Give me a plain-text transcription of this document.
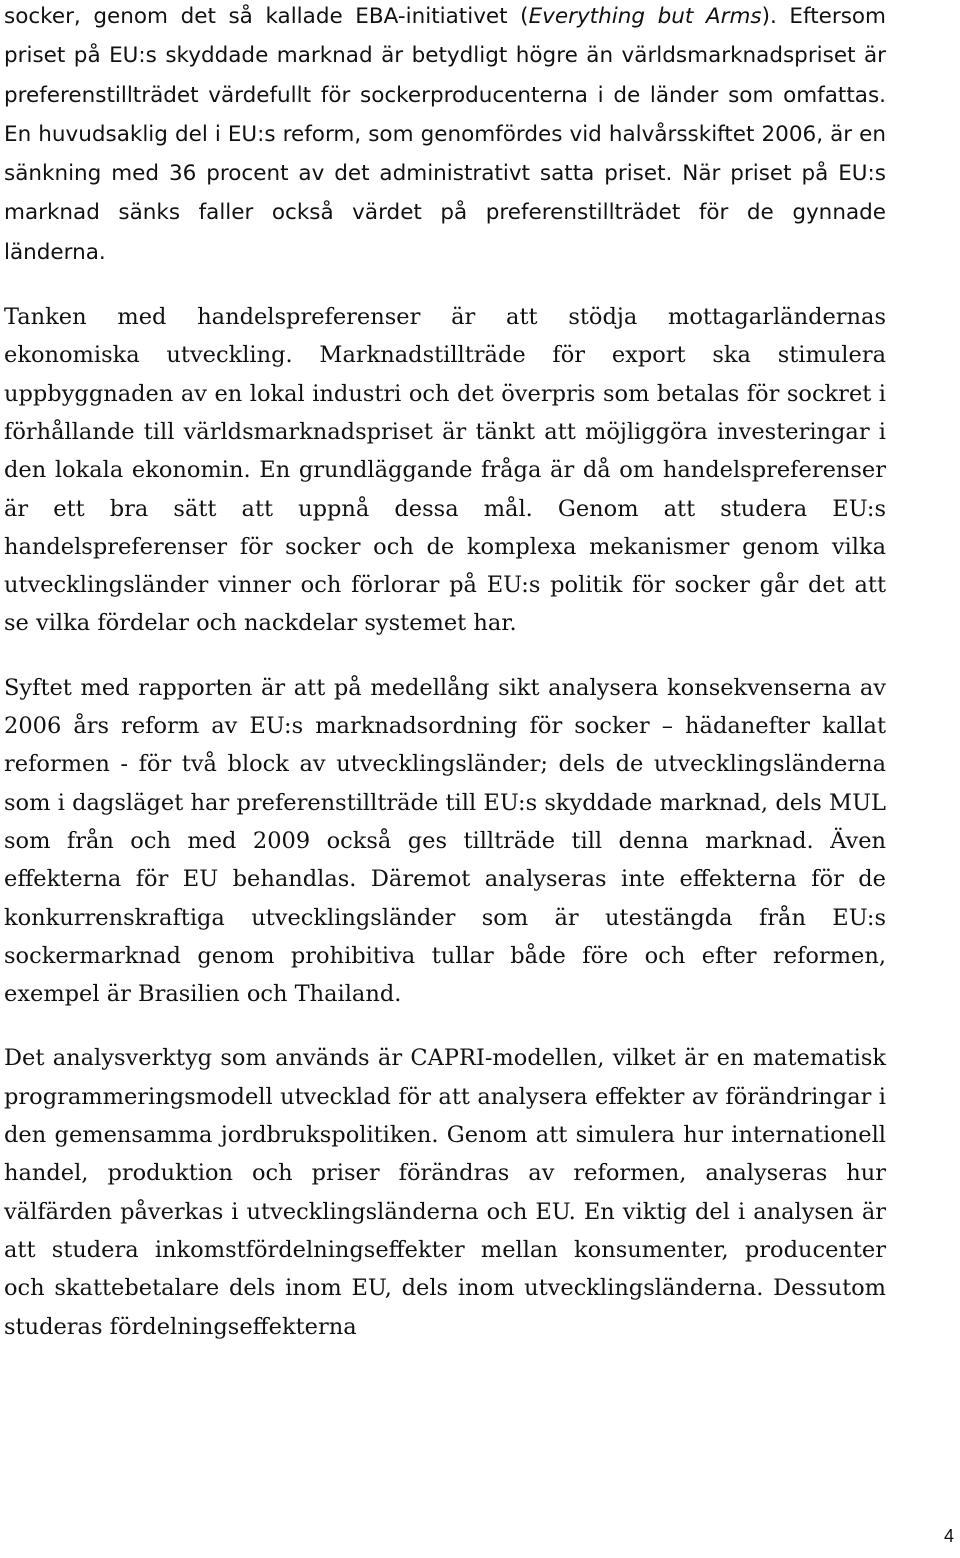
socker, genom det så kallade EBA-initiativet (Everything but Arms). Eftersom priset på EU:s skyddade marknad är betydligt högre än världsmarknadspriset är preferenstillträdet värdefullt för sockerproducenterna i de länder som omfattas. En huvudsaklig del i EU:s reform, som genomfördes vid halvårsskiftet 2006, är en sänkning med 36 procent av det administrativt satta priset. När priset på EU:s marknad sänks faller också värdet på preferenstillträdet för de gynnade länderna.

Tanken med handelspreferenser är att stödja mottagarländernas ekonomiska utveckling. Marknadstillträde för export ska stimulera uppbyggnaden av en lokal industri och det överpris som betalas för sockret i förhållande till världsmarknadspriset är tänkt att möjliggöra investeringar i den lokala ekonomin. En grundläggande fråga är då om handelspreferenser är ett bra sätt att uppnå dessa mål. Genom att studera EU:s handelspreferenser för socker och de komplexa mekanismer genom vilka utvecklingsländer vinner och förlorar på EU:s politik för socker går det att se vilka fördelar och nackdelar systemet har.

Syftet med rapporten är att på medellång sikt analysera konsekvenserna av 2006 års reform av EU:s marknadsordning för socker – hädanefter kallat reformen - för två block av utvecklingsländer; dels de utvecklingsländerna som i dagsläget har preferenstillträde till EU:s skyddade marknad, dels MUL som från och med 2009 också ges tillträde till denna marknad. Även effekterna för EU behandlas. Däremot analyseras inte effekterna för de konkurrenskraftiga utvecklingsländer som är utestängda från EU:s sockermarknad genom prohibitiva tullar både före och efter reformen, exempel är Brasilien och Thailand.

Det analysverktyg som används är CAPRI-modellen, vilket är en matematisk programmeringsmodell utvecklad för att analysera effekter av förändringar i den gemensamma jordbrukspolitiken. Genom att simulera hur internationell handel, produktion och priser förändras av reformen, analyseras hur välfärden påverkas i utvecklingsländerna och EU. En viktig del i analysen är att studera inkomstfördelningseffekter mellan konsumenter, producenter och skattebetalare dels inom EU, dels inom utvecklingsländerna. Dessutom studeras fördelningseffekterna

4
